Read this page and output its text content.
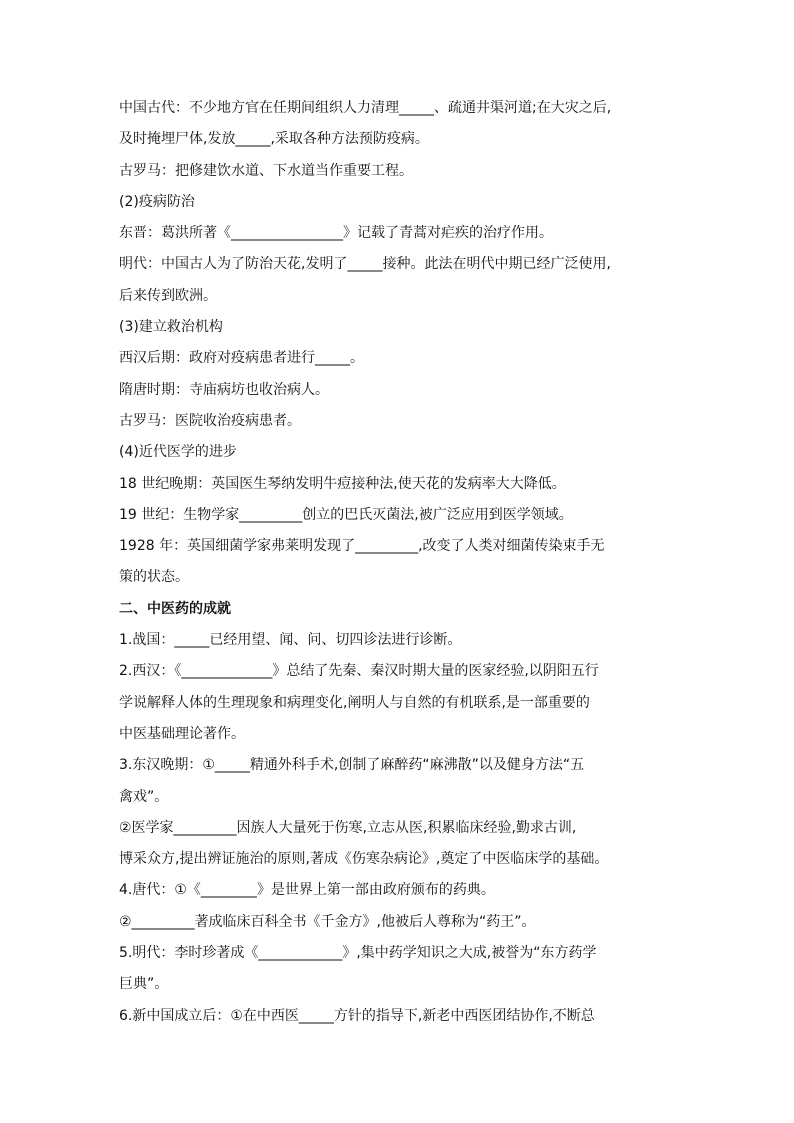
中国古代：不少地方官在任期间组织人力清理_____、疏通井渠河道;在大灾之后,
及时掩埋尸体,发放_____,采取各种方法预防疫病。
古罗马：把修建饮水道、下水道当作重要工程。
(2)疫病防治
东晋：葛洪所著《________________》记载了青蒿对疟疾的治疗作用。
明代：中国古人为了防治天花,发明了_____接种。此法在明代中期已经广泛使用,
后来传到欧洲。
(3)建立救治机构
西汉后期：政府对疫病患者进行_____。
隋唐时期：寺庙病坊也收治病人。
古罗马：医院收治疫病患者。
(4)近代医学的进步
18 世纪晚期：英国医生琴纳发明牛痘接种法,使天花的发病率大大降低。
19 世纪：生物学家_________创立的巴氏灭菌法,被广泛应用到医学领域。
1928 年：英国细菌学家弗莱明发现了_________,改变了人类对细菌传染束手无
策的状态。
二、中医药的成就
1.战国：_____已经用望、闻、问、切四诊法进行诊断。
2.西汉：《_____________》总结了先秦、秦汉时期大量的医家经验,以阴阳五行
学说解释人体的生理现象和病理变化,阐明人与自然的有机联系,是一部重要的
中医基础理论著作。
3.东汉晚期：①_____精通外科手术,创制了麻醉药“麻沸散”以及健身方法“五
禽戏”。
②医学家_________因族人大量死于伤寒,立志从医,积累临床经验,勤求古训,
博采众方,提出辨证施治的原则,著成《伤寒杂病论》,奠定了中医临床学的基础。
4.唐代：①《________》是世界上第一部由政府颁布的药典。
②_________著成临床百科全书《千金方》,他被后人尊称为“药王”。
5.明代：李时珍著成《____________》,集中药学知识之大成,被誉为“东方药学
巨典”。
6.新中国成立后：①在中西医_____方针的指导下,新老中西医团结协作,不断总
